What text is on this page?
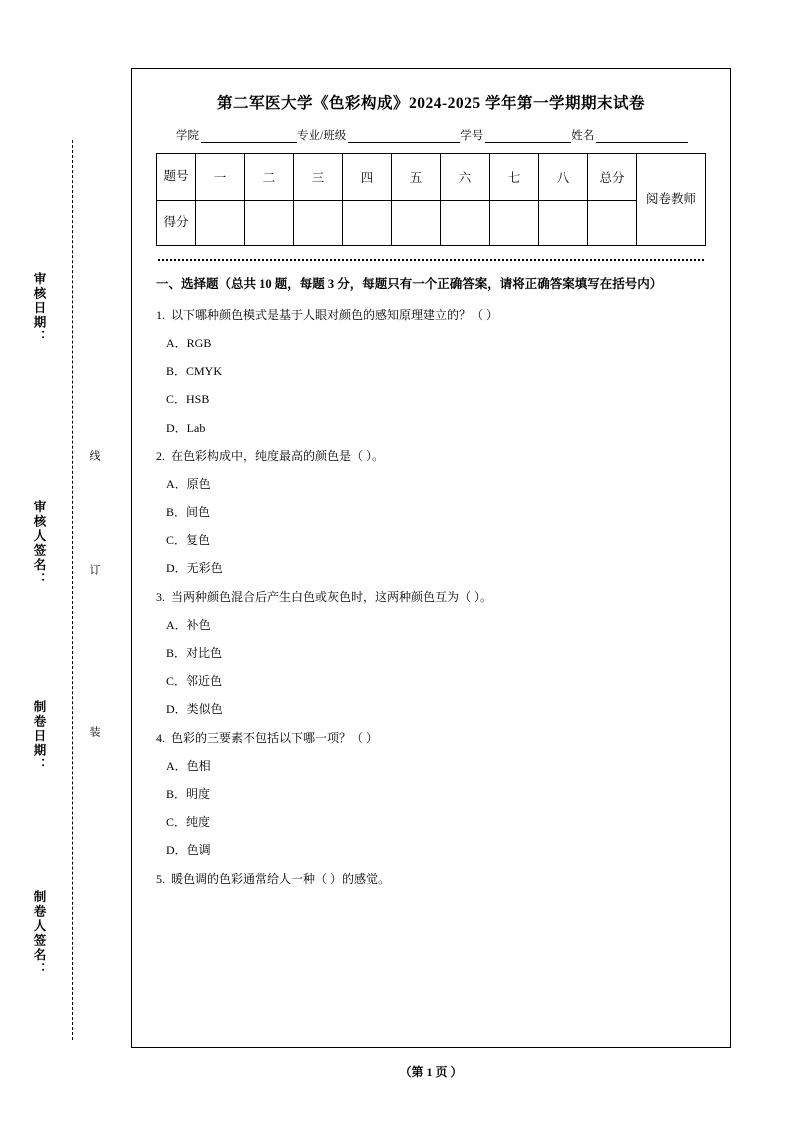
审核日期：
审核人签名：
制卷日期：
制卷人签名：
线
订
装
第二军医大学《色彩构成》2024‑2025 学年第一学期期末试卷
学院	专业/班级	学号	姓名
题号	一	二	三	四	五	六	七	八	总分	阅卷教师
得分										
一、选择题（总共 10 题，每题 3 分，每题只有一个正确答案，请将正确答案填写在括号内）
1. 以下哪种颜色模式是基于人眼对颜色的感知原理建立的？（ ）
A．RGB
B．CMYK
C．HSB
D．Lab
2. 在色彩构成中，纯度最高的颜色是（ ）。
A．原色
B．间色
C．复色
D．无彩色
3. 当两种颜色混合后产生白色或灰色时，这两种颜色互为（ ）。
A．补色
B．对比色
C．邻近色
D．类似色
4. 色彩的三要素不包括以下哪一项？（ ）
A．色相
B．明度
C．纯度
D．色调
5. 暖色调的色彩通常给人一种（ ）的感觉。
（第 1 页 ）
